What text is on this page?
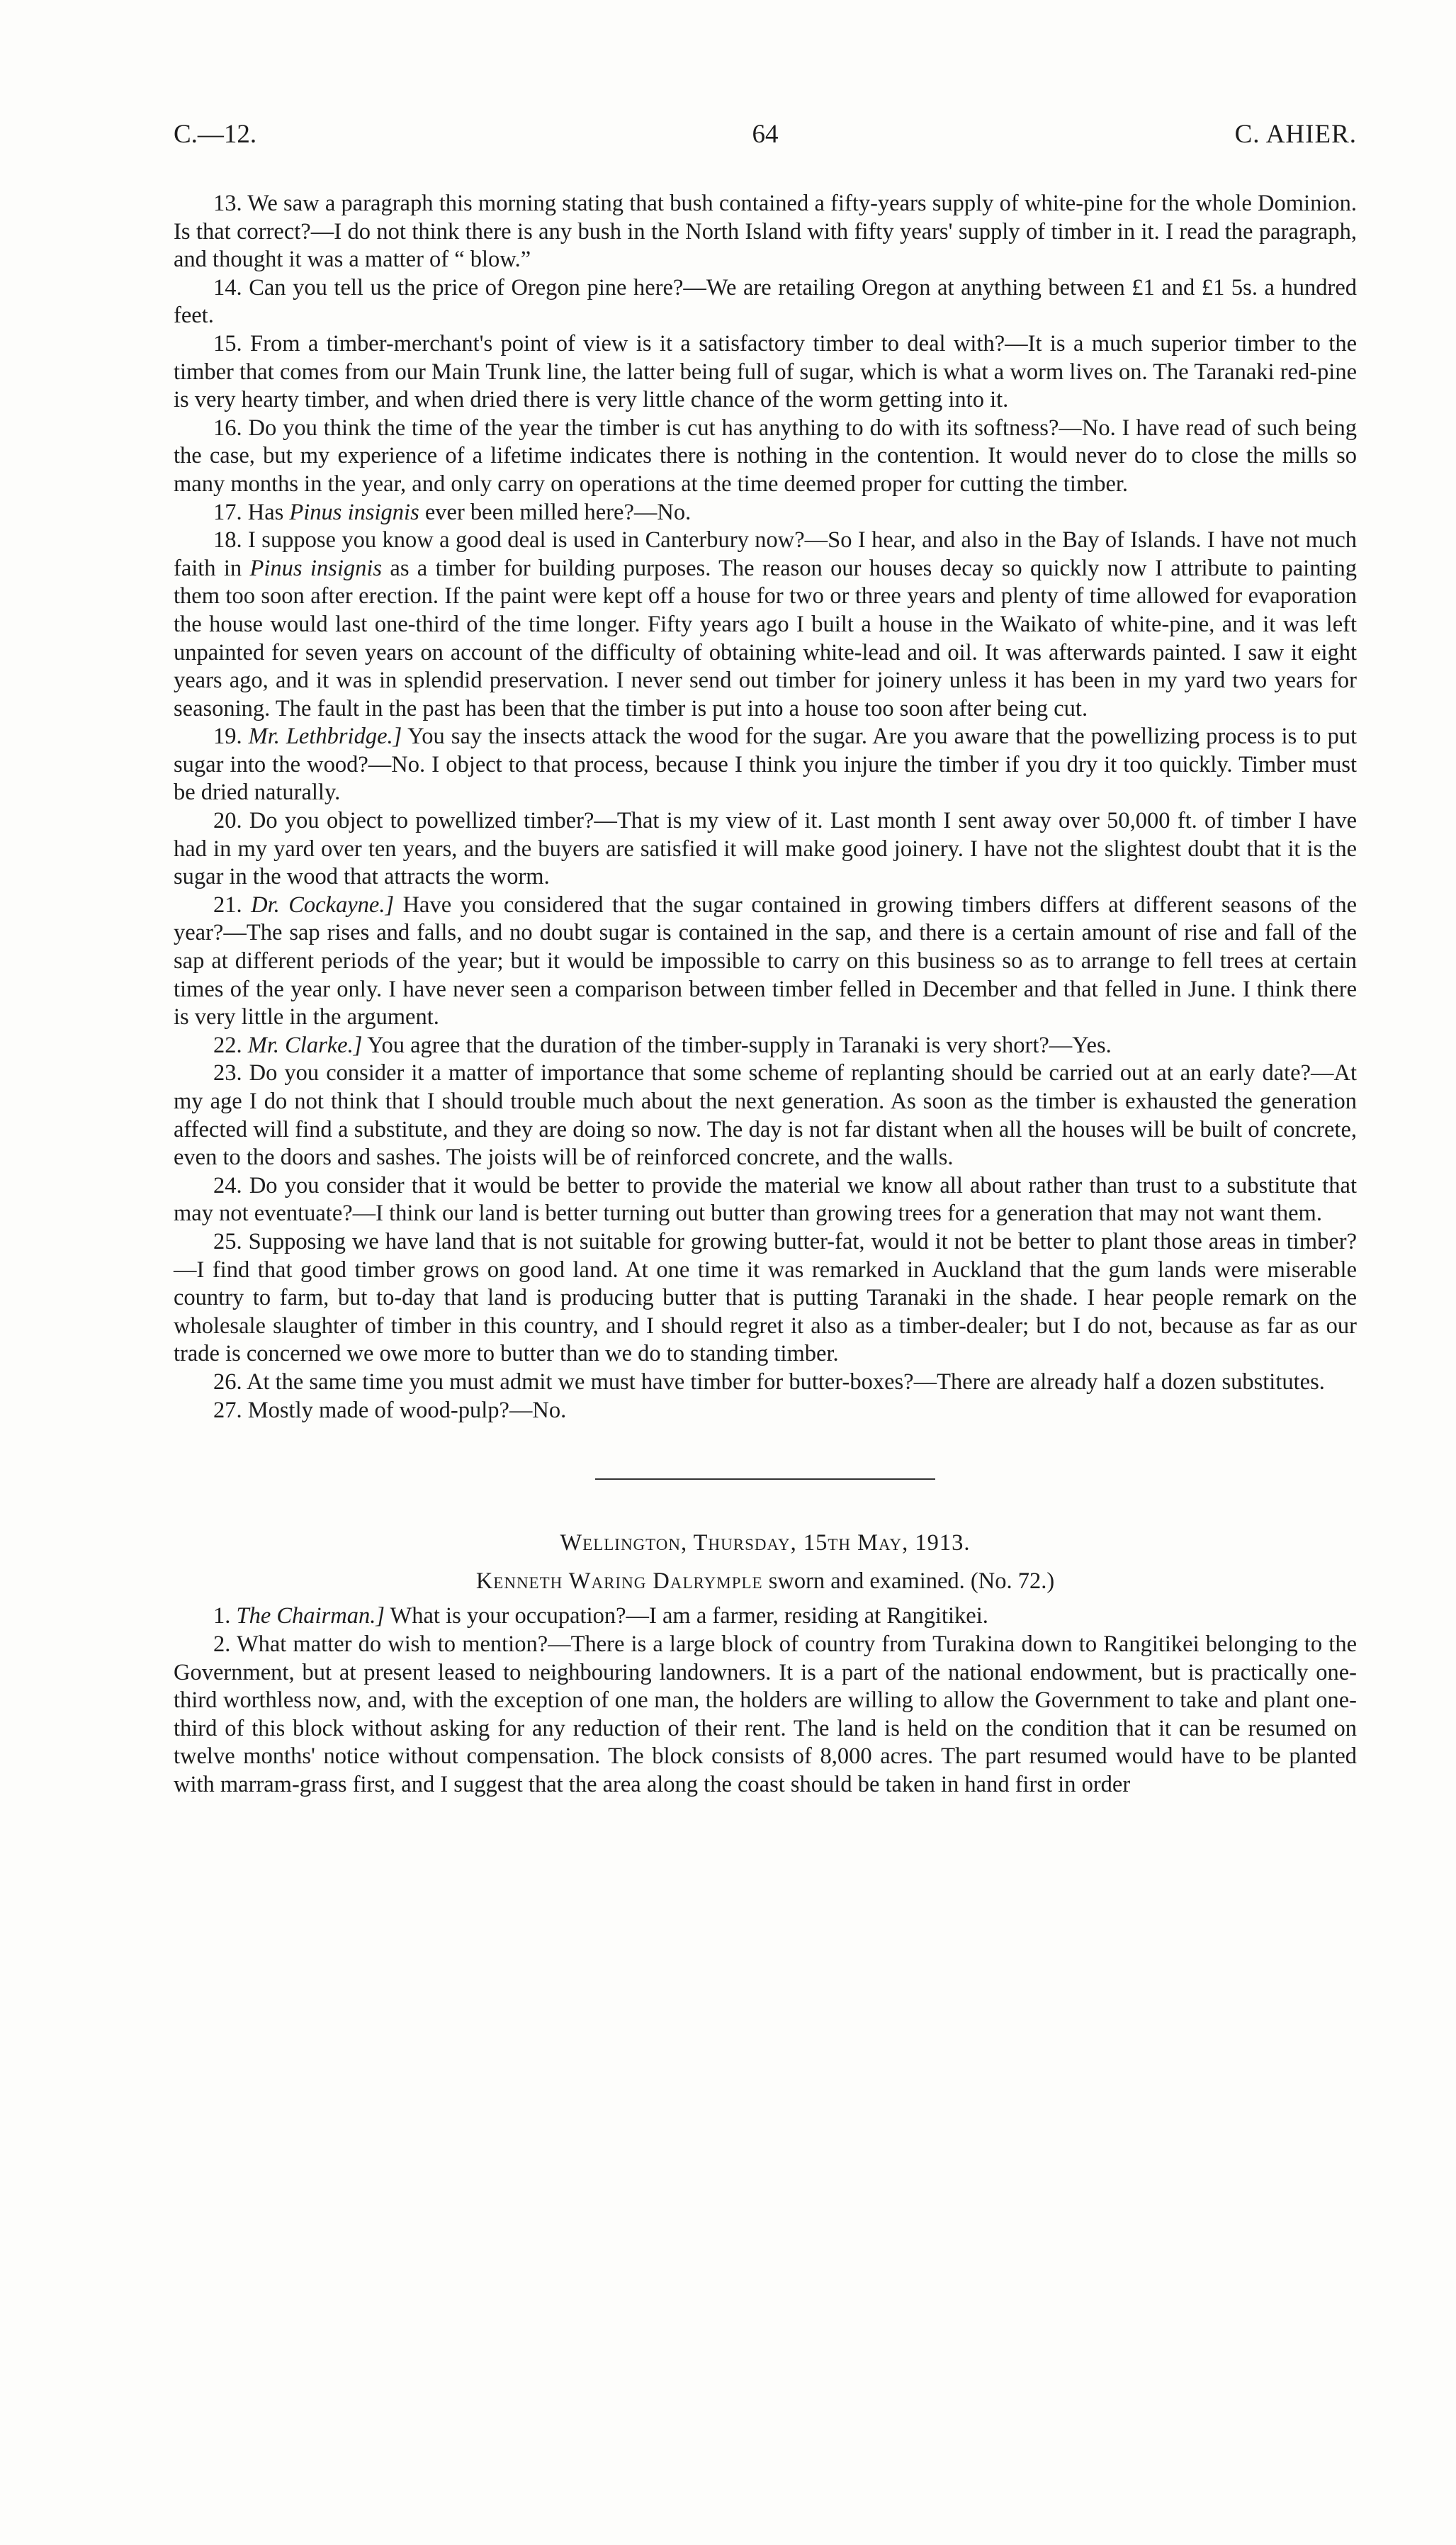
C.—12.	64	C. AHIER.

13. We saw a paragraph this morning stating that bush contained a fifty-years supply of white-pine for the whole Dominion. Is that correct?—I do not think there is any bush in the North Island with fifty years' supply of timber in it. I read the paragraph, and thought it was a matter of “ blow.”

14. Can you tell us the price of Oregon pine here?—We are retailing Oregon at anything between £1 and £1 5s. a hundred feet.

15. From a timber-merchant's point of view is it a satisfactory timber to deal with?—It is a much superior timber to the timber that comes from our Main Trunk line, the latter being full of sugar, which is what a worm lives on. The Taranaki red-pine is very hearty timber, and when dried there is very little chance of the worm getting into it.

16. Do you think the time of the year the timber is cut has anything to do with its softness?—No. I have read of such being the case, but my experience of a lifetime indicates there is nothing in the contention. It would never do to close the mills so many months in the year, and only carry on operations at the time deemed proper for cutting the timber.

17. Has Pinus insignis ever been milled here?—No.

18. I suppose you know a good deal is used in Canterbury now?—So I hear, and also in the Bay of Islands. I have not much faith in Pinus insignis as a timber for building purposes. The reason our houses decay so quickly now I attribute to painting them too soon after erection. If the paint were kept off a house for two or three years and plenty of time allowed for evaporation the house would last one-third of the time longer. Fifty years ago I built a house in the Waikato of white-pine, and it was left unpainted for seven years on account of the difficulty of obtaining white-lead and oil. It was afterwards painted. I saw it eight years ago, and it was in splendid preservation. I never send out timber for joinery unless it has been in my yard two years for seasoning. The fault in the past has been that the timber is put into a house too soon after being cut.

19. Mr. Lethbridge.] You say the insects attack the wood for the sugar. Are you aware that the powellizing process is to put sugar into the wood?—No. I object to that process, because I think you injure the timber if you dry it too quickly. Timber must be dried naturally.

20. Do you object to powellized timber?—That is my view of it. Last month I sent away over 50,000 ft. of timber I have had in my yard over ten years, and the buyers are satisfied it will make good joinery. I have not the slightest doubt that it is the sugar in the wood that attracts the worm.

21. Dr. Cockayne.] Have you considered that the sugar contained in growing timbers differs at different seasons of the year?—The sap rises and falls, and no doubt sugar is contained in the sap, and there is a certain amount of rise and fall of the sap at different periods of the year; but it would be impossible to carry on this business so as to arrange to fell trees at certain times of the year only. I have never seen a comparison between timber felled in December and that felled in June. I think there is very little in the argument.

22. Mr. Clarke.] You agree that the duration of the timber-supply in Taranaki is very short?—Yes.

23. Do you consider it a matter of importance that some scheme of replanting should be carried out at an early date?—At my age I do not think that I should trouble much about the next generation. As soon as the timber is exhausted the generation affected will find a substitute, and they are doing so now. The day is not far distant when all the houses will be built of concrete, even to the doors and sashes. The joists will be of reinforced concrete, and the walls.

24. Do you consider that it would be better to provide the material we know all about rather than trust to a substitute that may not eventuate?—I think our land is better turning out butter than growing trees for a generation that may not want them.

25. Supposing we have land that is not suitable for growing butter-fat, would it not be better to plant those areas in timber?—I find that good timber grows on good land. At one time it was remarked in Auckland that the gum lands were miserable country to farm, but to-day that land is producing butter that is putting Taranaki in the shade. I hear people remark on the wholesale slaughter of timber in this country, and I should regret it also as a timber-dealer; but I do not, because as far as our trade is concerned we owe more to butter than we do to standing timber.

26. At the same time you must admit we must have timber for butter-boxes?—There are already half a dozen substitutes.

27. Mostly made of wood-pulp?—No.

Wellington, Thursday, 15th May, 1913.

Kenneth Waring Dalrymple sworn and examined. (No. 72.)

1. The Chairman.] What is your occupation?—I am a farmer, residing at Rangitikei.

2. What matter do wish to mention?—There is a large block of country from Turakina down to Rangitikei belonging to the Government, but at present leased to neighbouring landowners. It is a part of the national endowment, but is practically one-third worthless now, and, with the exception of one man, the holders are willing to allow the Government to take and plant one-third of this block without asking for any reduction of their rent. The land is held on the condition that it can be resumed on twelve months' notice without compensation. The block consists of 8,000 acres. The part resumed would have to be planted with marram-grass first, and I suggest that the area along the coast should be taken in hand first in order
